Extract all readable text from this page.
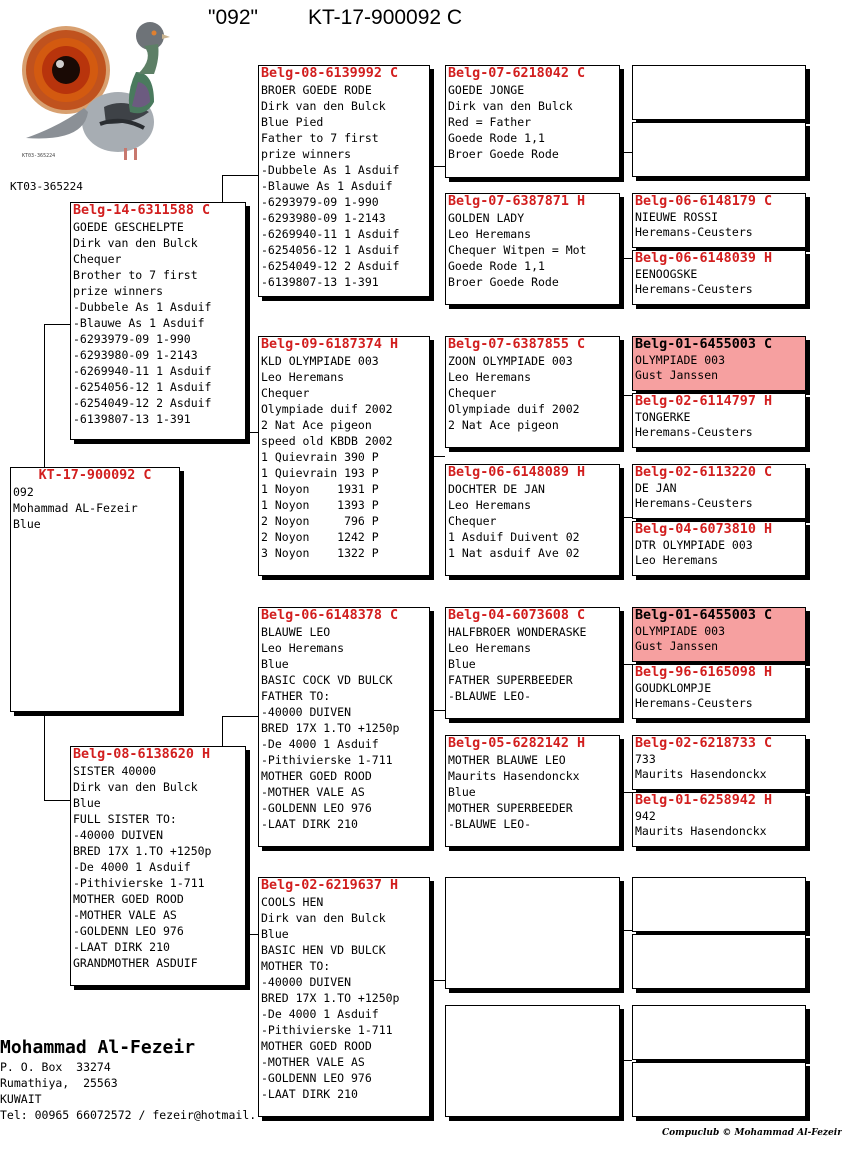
"092" KT-17-900092 C
KT03-365224
KT03-365224
KT-17-900092 C
092
Mohammad AL-Fezeir
Blue
Belg-14-6311588 C
GOEDE GESCHELPTE
Dirk van den Bulck
Chequer
Brother to 7 first
prize winners
-Dubbele As 1 Asduif
-Blauwe As 1 Asduif
-6293979-09 1-990
-6293980-09 1-2143
-6269940-11 1 Asduif
-6254056-12 1 Asduif
-6254049-12 2 Asduif
-6139807-13 1-391
Belg-08-6138620 H
SISTER 40000
Dirk van den Bulck
Blue
FULL SISTER TO:
-40000 DUIVEN
BRED 17X 1.TO +1250p
-De 4000 1 Asduif
-Pithivierske 1-711
MOTHER GOED ROOD
-MOTHER VALE AS
-GOLDENN LEO 976
-LAAT DIRK 210
GRANDMOTHER ASDUIF
Belg-08-6139992 C
BROER GOEDE RODE
Dirk van den Bulck
Blue Pied
Father to 7 first
prize winners
-Dubbele As 1 Asduif
-Blauwe As 1 Asduif
-6293979-09 1-990
-6293980-09 1-2143
-6269940-11 1 Asduif
-6254056-12 1 Asduif
-6254049-12 2 Asduif
-6139807-13 1-391
Belg-09-6187374 H
KLD OLYMPIADE 003
Leo Heremans
Chequer
Olympiade duif 2002
2 Nat Ace pigeon
speed old KBDB 2002
1 Quievrain 390 P
1 Quievrain 193 P
1 Noyon    1931 P
1 Noyon    1393 P
2 Noyon     796 P
2 Noyon    1242 P
3 Noyon    1322 P
Belg-06-6148378 C
BLAUWE LEO
Leo Heremans
Blue
BASIC COCK VD BULCK
FATHER TO:
-40000 DUIVEN
BRED 17X 1.TO +1250p
-De 4000 1 Asduif
-Pithivierske 1-711
MOTHER GOED ROOD
-MOTHER VALE AS
-GOLDENN LEO 976
-LAAT DIRK 210
Belg-02-6219637 H
COOLS HEN
Dirk van den Bulck
Blue
BASIC HEN VD BULCK
MOTHER TO:
-40000 DUIVEN
BRED 17X 1.TO +1250p
-De 4000 1 Asduif
-Pithivierske 1-711
MOTHER GOED ROOD
-MOTHER VALE AS
-GOLDENN LEO 976
-LAAT DIRK 210
Belg-07-6218042 C
GOEDE JONGE
Dirk van den Bulck
Red = Father
Goede Rode 1,1
Broer Goede Rode
Belg-07-6387871 H
GOLDEN LADY
Leo Heremans
Chequer Witpen = Mot
Goede Rode 1,1
Broer Goede Rode
Belg-07-6387855 C
ZOON OLYMPIADE 003
Leo Heremans
Chequer
Olympiade duif 2002
2 Nat Ace pigeon
Belg-06-6148089 H
DOCHTER DE JAN
Leo Heremans
Chequer
1 Asduif Duivent 02
1 Nat asduif Ave 02
Belg-04-6073608 C
HALFBROER WONDERASKE
Leo Heremans
Blue
FATHER SUPERBEEDER
-BLAUWE LEO-
Belg-05-6282142 H
MOTHER BLAUWE LEO
Maurits Hasendonckx
Blue
MOTHER SUPERBEEDER
-BLAUWE LEO-
Belg-06-6148179 C
NIEUWE ROSSI
Heremans-Ceusters
Belg-06-6148039 H
EENOOGSKE
Heremans-Ceusters
Belg-01-6455003 C
OLYMPIADE 003
Gust Janssen
Belg-02-6114797 H
TONGERKE
Heremans-Ceusters
Belg-02-6113220 C
DE JAN
Heremans-Ceusters
Belg-04-6073810 H
DTR OLYMPIADE 003
Leo Heremans
Belg-01-6455003 C
OLYMPIADE 003
Gust Janssen
Belg-96-6165098 H
GOUDKLOMPJE
Heremans-Ceusters
Belg-02-6218733 C
733
Maurits Hasendonckx
Belg-01-6258942 H
942
Maurits Hasendonckx
Mohammad Al-Fezeir
P. O. Box  33274
Rumathiya,  25563
KUWAIT
Tel: 00965 66072572 / fezeir@hotmail.
Compuclub © Mohammad Al-Fezeir
